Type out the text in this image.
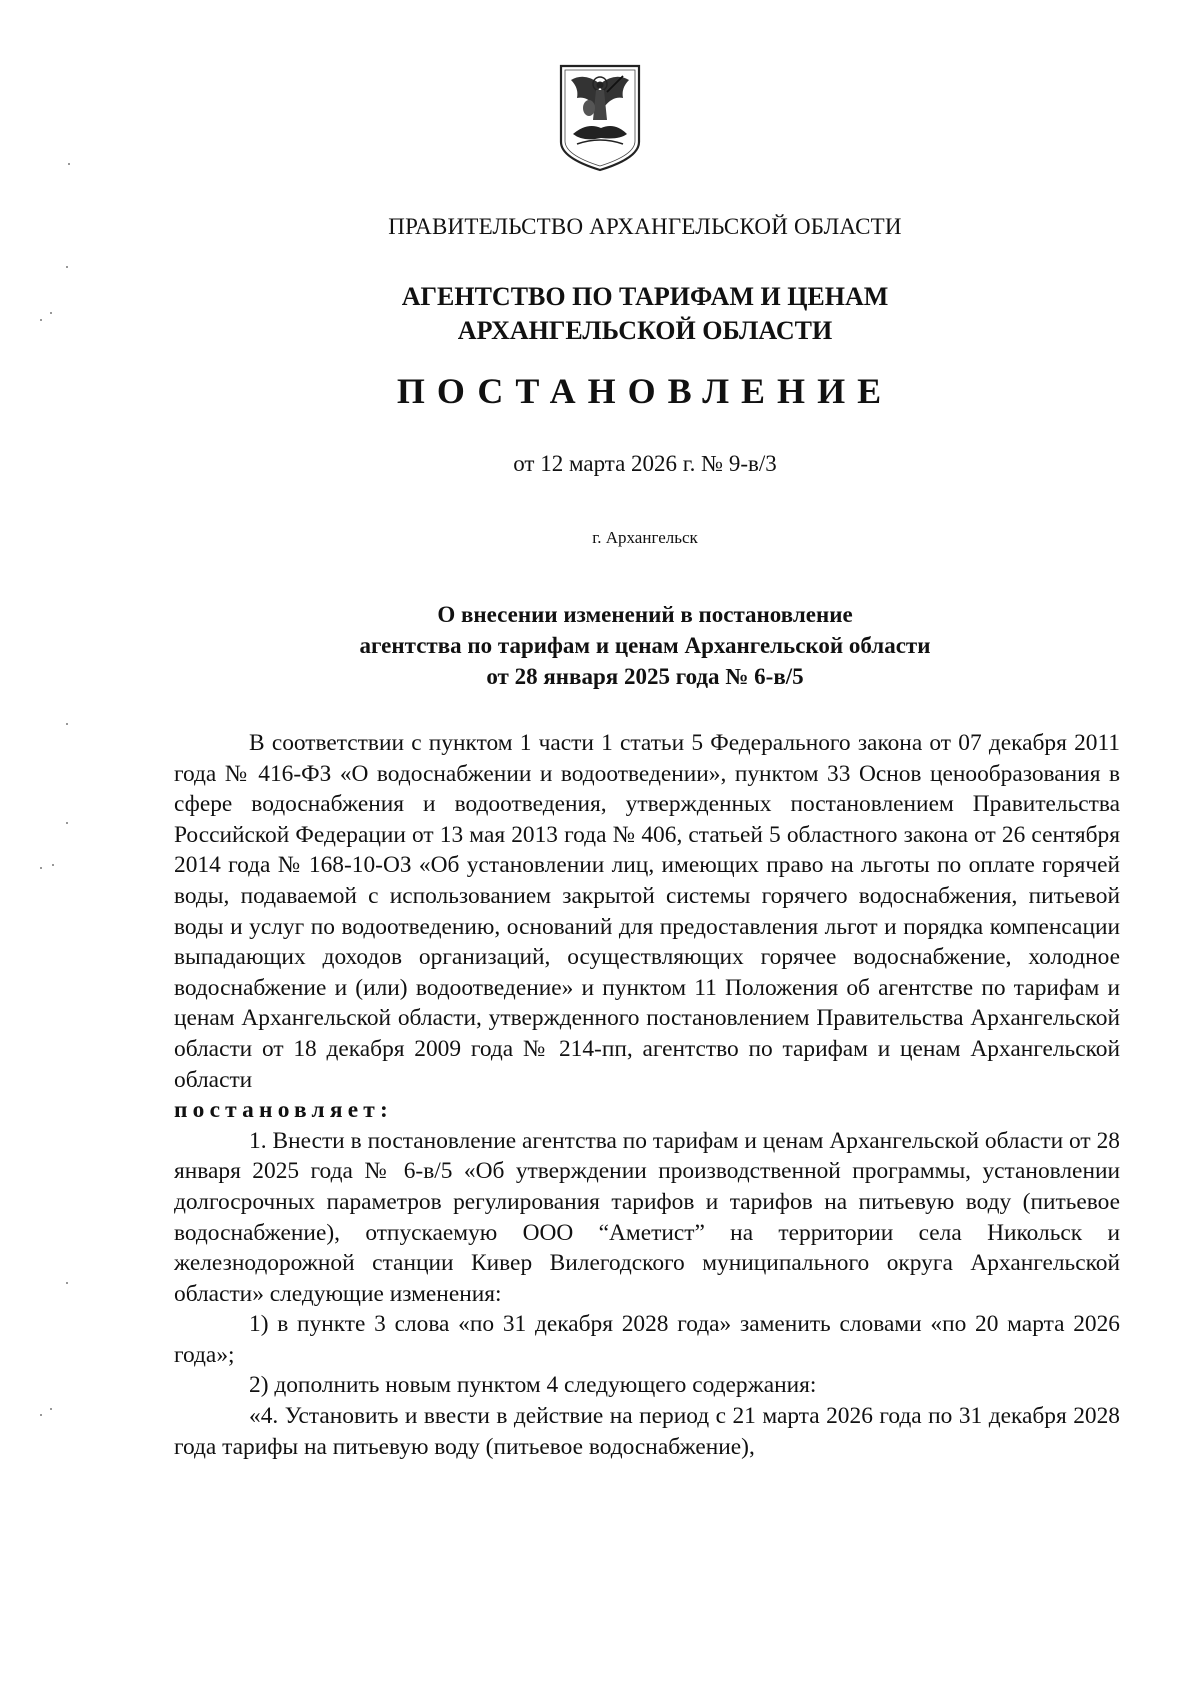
ПРАВИТЕЛЬСТВО АРХАНГЕЛЬСКОЙ ОБЛАСТИ
АГЕНТСТВО ПО ТАРИФАМ И ЦЕНАМ
АРХАНГЕЛЬСКОЙ ОБЛАСТИ
ПОСТАНОВЛЕНИЕ
от 12 марта 2026 г. № 9-в/3
г. Архангельск
О внесении изменений в постановление
агентства по тарифам и ценам Архангельской области
от 28 января 2025 года № 6-в/5

В соответствии с пунктом 1 части 1 статьи 5 Федерального закона от 07 декабря 2011 года № 416-ФЗ «О водоснабжении и водоотведении», пунктом 33 Основ ценообразования в сфере водоснабжения и водоотведения, утвержденных постановлением Правительства Российской Федерации от 13 мая 2013 года № 406, статьей 5 областного закона от 26 сентября 2014 года № 168-10-ОЗ «Об установлении лиц, имеющих право на льготы по оплате горячей воды, подаваемой с использованием закрытой системы горячего водоснабжения, питьевой воды и услуг по водоотведению, оснований для предоставления льгот и порядка компенсации выпадающих доходов организаций, осуществляющих горячее водоснабжение, холодное водоснабжение и (или) водоотведение» и пунктом 11 Положения об агентстве по тарифам и ценам Архангельской области, утвержденного постановлением Правительства Архангельской области от 18 декабря 2009 года № 214-пп, агентство по тарифам и ценам Архангельской области

постановляет:

1. Внести в постановление агентства по тарифам и ценам Архангельской области от 28 января 2025 года № 6-в/5 «Об утверждении производственной программы, установлении долгосрочных параметров регулирования тарифов и тарифов на питьевую воду (питьевое водоснабжение), отпускаемую ООО “Аметист” на территории села Никольск и железнодорожной станции Кивер Вилегодского муниципального округа Архангельской области» следующие изменения:

1) в пункте 3 слова «по 31 декабря 2028 года» заменить словами «по 20 марта 2026 года»;

2) дополнить новым пунктом 4 следующего содержания:

«4. Установить и ввести в действие на период с 21 марта 2026 года по 31 декабря 2028 года тарифы на питьевую воду (питьевое водоснабжение),
